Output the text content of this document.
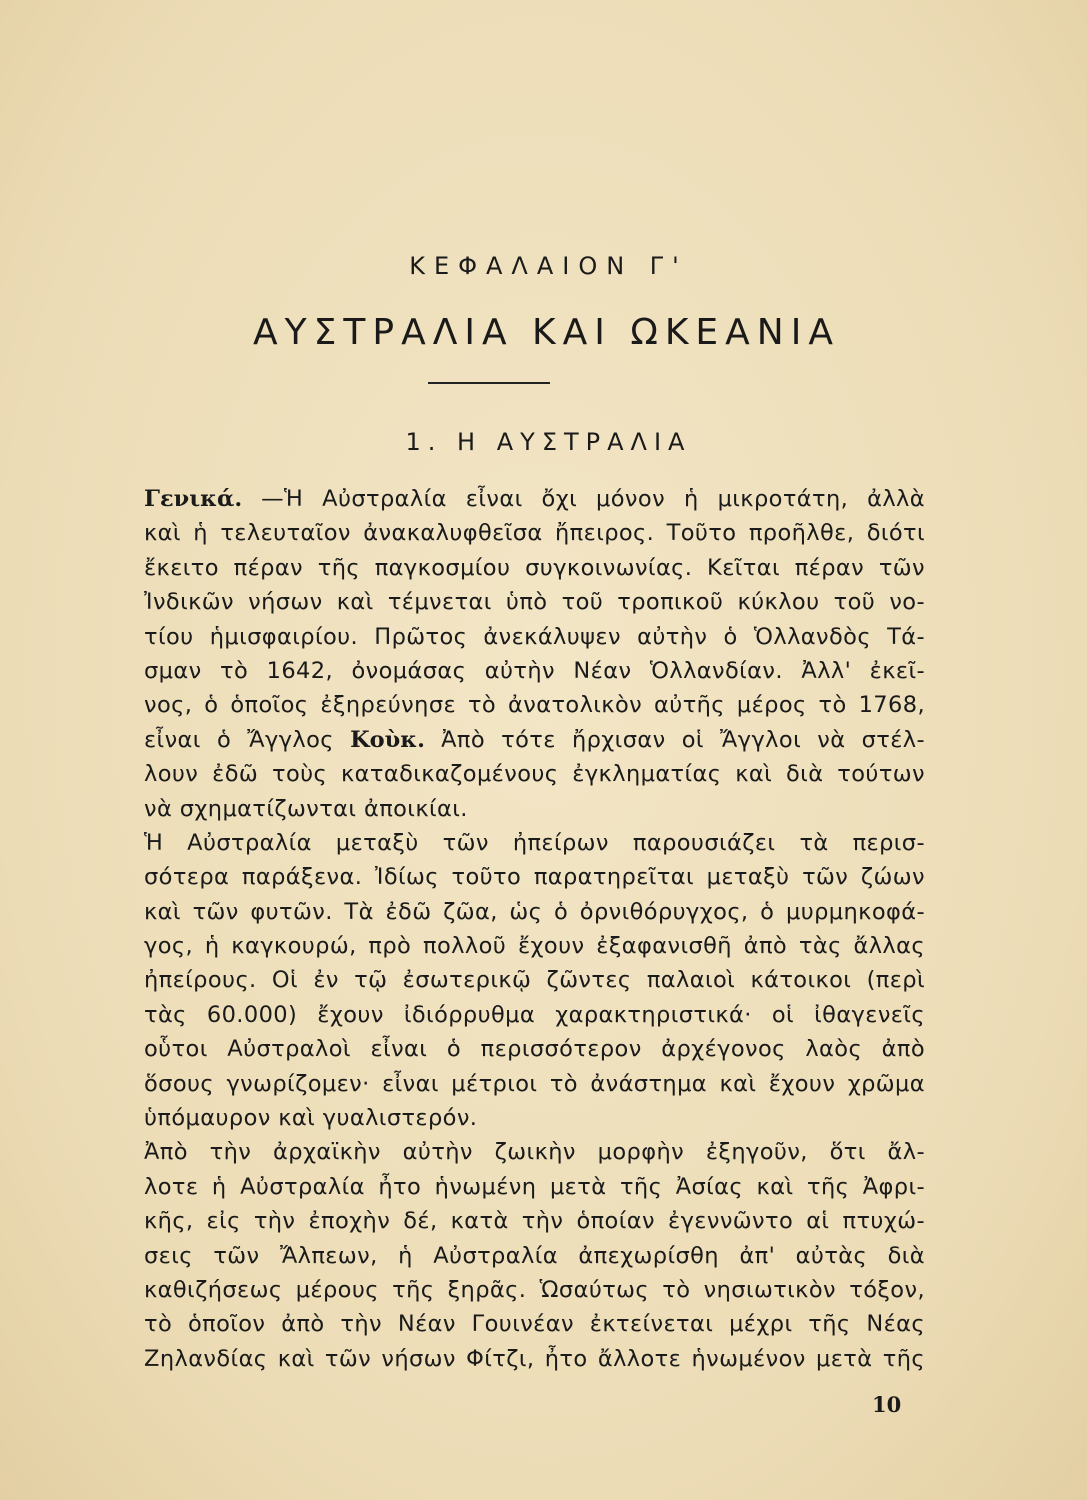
ΚΕΦΑΛΑΙΟΝ Γ'
ΑΥΣΤΡΑΛΙΑ ΚΑΙ ΩΚΕΑΝΙΑ
1. Η ΑΥΣΤΡΑΛΙΑ
Γενικά. —Ἡ Αὐστραλία εἶναι ὄχι μόνον ἡ μικροτάτη, ἀλλὰ
καὶ ἡ τελευταῖον ἀνακαλυφθεῖσα ἤπειρος. Τοῦτο προῆλθε, διότι
ἔκειτο πέραν τῆς παγκοσμίου συγκοινωνίας. Κεῖται πέραν τῶν
Ἰνδικῶν νήσων καὶ τέμνεται ὑπὸ τοῦ τροπικοῦ κύκλου τοῦ νο-
τίου ἡμισφαιρίου. Πρῶτος ἀνεκάλυψεν αὐτὴν ὁ Ὁλλανδὸς Τά-
σμαν τὸ 1642, ὀνομάσας αὐτὴν Νέαν Ὁλλανδίαν. Ἀλλ' ἐκεῖ-
νος, ὁ ὁποῖος ἐξηρεύνησε τὸ ἀνατολικὸν αὐτῆς μέρος τὸ 1768,
εἶναι ὁ Ἄγγλος Κοὺκ. Ἀπὸ τότε ἤρχισαν οἱ Ἄγγλοι νὰ στέλ-
λουν ἐδῶ τοὺς καταδικαζομένους ἐγκληματίας καὶ διὰ τούτων
νὰ σχηματίζωνται ἀποικίαι.
Ἡ Αὐστραλία μεταξὺ τῶν ἠπείρων παρουσιάζει τὰ περισ-
σότερα παράξενα. Ἰδίως τοῦτο παρατηρεῖται μεταξὺ τῶν ζώων
καὶ τῶν φυτῶν. Τὰ ἐδῶ ζῶα, ὡς ὁ ὀρνιθόρυγχος, ὁ μυρμηκοφά-
γος, ἡ καγκουρώ, πρὸ πολλοῦ ἔχουν ἐξαφανισθῆ ἀπὸ τὰς ἄλλας
ἠπείρους. Οἱ ἐν τῷ ἐσωτερικῷ ζῶντες παλαιοὶ κάτοικοι (περὶ
τὰς 60.000) ἔχουν ἰδιόρρυθμα χαρακτηριστικά· οἱ ἰθαγενεῖς
οὗτοι Αὐστραλοὶ εἶναι ὁ περισσότερον ἀρχέγονος λαὸς ἀπὸ
ὅσους γνωρίζομεν· εἶναι μέτριοι τὸ ἀνάστημα καὶ ἔχουν χρῶμα
ὑπόμαυρον καὶ γυαλιστερόν.
Ἀπὸ τὴν ἀρχαϊκὴν αὐτὴν ζωικὴν μορφὴν ἐξηγοῦν, ὅτι ἄλ-
λοτε ἡ Αὐστραλία ἦτο ἡνωμένη μετὰ τῆς Ἀσίας καὶ τῆς Ἀφρι-
κῆς, εἰς τὴν ἐποχὴν δέ, κατὰ τὴν ὁποίαν ἐγεννῶντο αἱ πτυχώ-
σεις τῶν Ἄλπεων, ἡ Αὐστραλία ἀπεχωρίσθη ἀπ' αὐτὰς διὰ
καθιζήσεως μέρους τῆς ξηρᾶς. Ὡσαύτως τὸ νησιωτικὸν τόξον,
τὸ ὁποῖον ἀπὸ τὴν Νέαν Γουινέαν ἐκτείνεται μέχρι τῆς Νέας
Ζηλανδίας καὶ τῶν νήσων Φίτζι, ἦτο ἄλλοτε ἡνωμένον μετὰ τῆς
10
